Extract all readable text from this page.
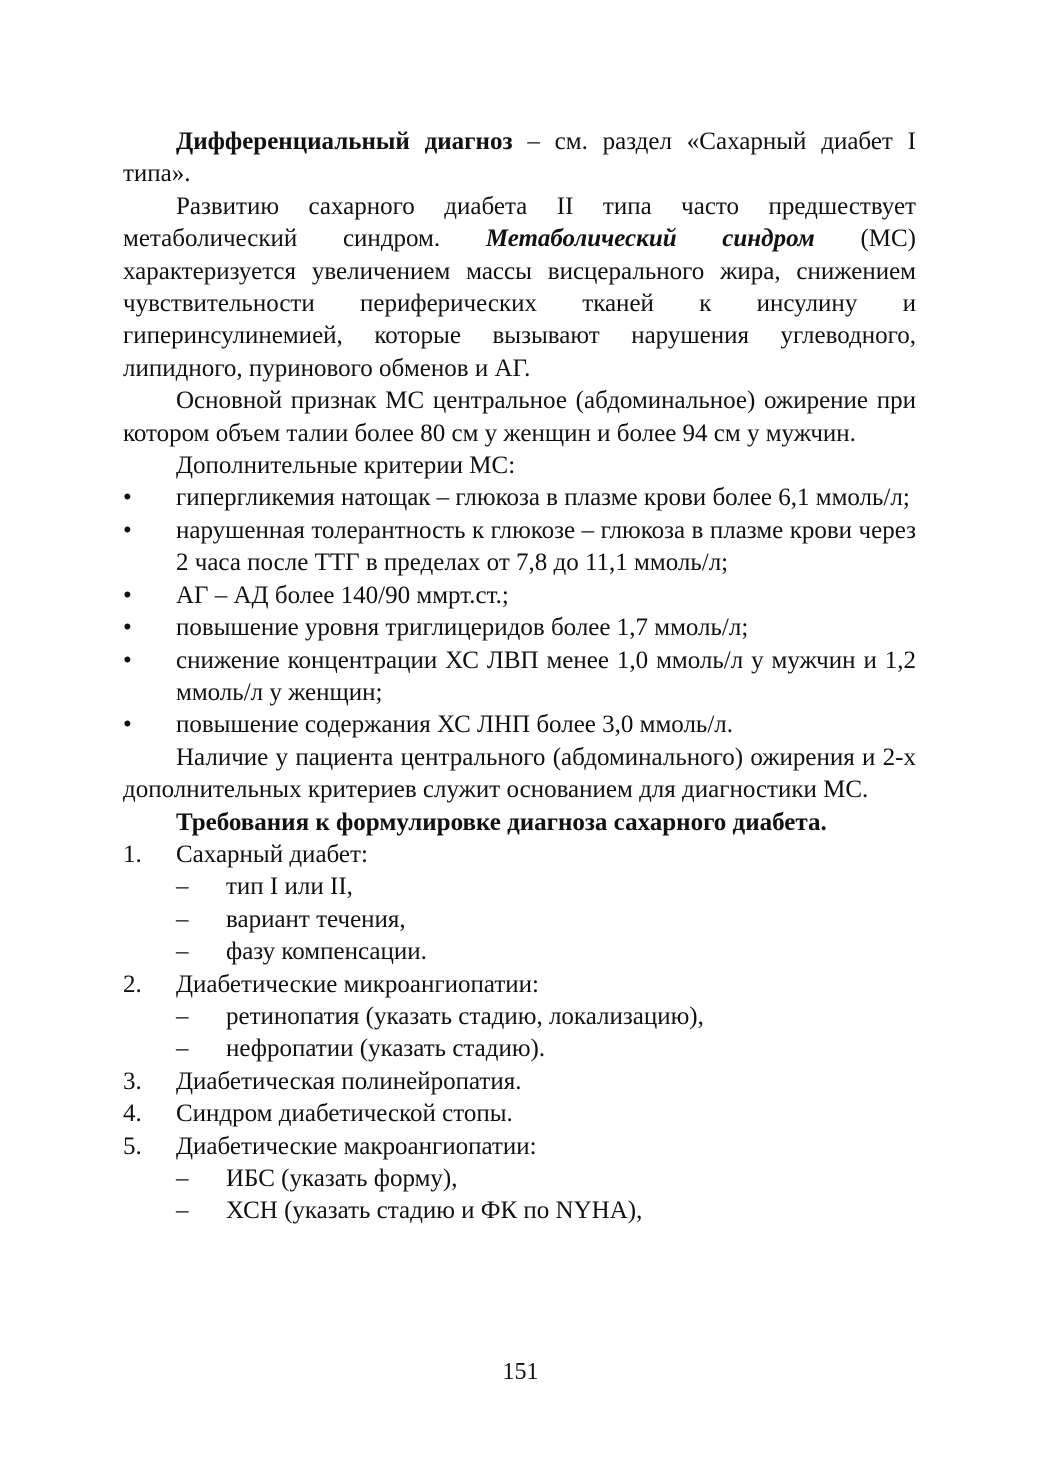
Дифференциальный диагноз – см. раздел «Сахарный диабет I типа».

Развитию сахарного диабета II типа часто предшествует метаболический синдром. Метаболический синдром (МС) характеризуется увеличением массы висцерального жира, снижением чувствительности периферических тканей к инсулину и гиперинсулинемией, которые вызывают нарушения углеводного, липидного, пуринового обменов и АГ.

Основной признак МС центральное (абдоминальное) ожирение при котором объем талии более 80 см у женщин и более 94 см у мужчин.

Дополнительные критерии МС:

• гипергликемия натощак – глюкоза в плазме крови более 6,1 ммоль/л;
• нарушенная толерантность к глюкозе – глюкоза в плазме крови через 2 часа после ТТГ в пределах от 7,8 до 11,1 ммоль/л;
• АГ – АД более 140/90 ммрт.ст.;
• повышение уровня триглицеридов более 1,7 ммоль/л;
• снижение концентрации ХС ЛВП менее 1,0 ммоль/л у мужчин и 1,2 ммоль/л у женщин;
• повышение содержания ХС ЛНП более 3,0 ммоль/л.

Наличие у пациента центрального (абдоминального) ожирения и 2-х дополнительных критериев служит основанием для диагностики МС.

Требования к формулировке диагноза сахарного диабета.

1. Сахарный диабет:
– тип I или II,
– вариант течения,
– фазу компенсации.
2. Диабетические микроангиопатии:
– ретинопатия (указать стадию, локализацию),
– нефропатии (указать стадию).
3. Диабетическая полинейропатия.
4. Синдром диабетической стопы.
5. Диабетические макроангиопатии:
– ИБС (указать форму),
– ХСН (указать стадию и ФК по NYHA),
151
